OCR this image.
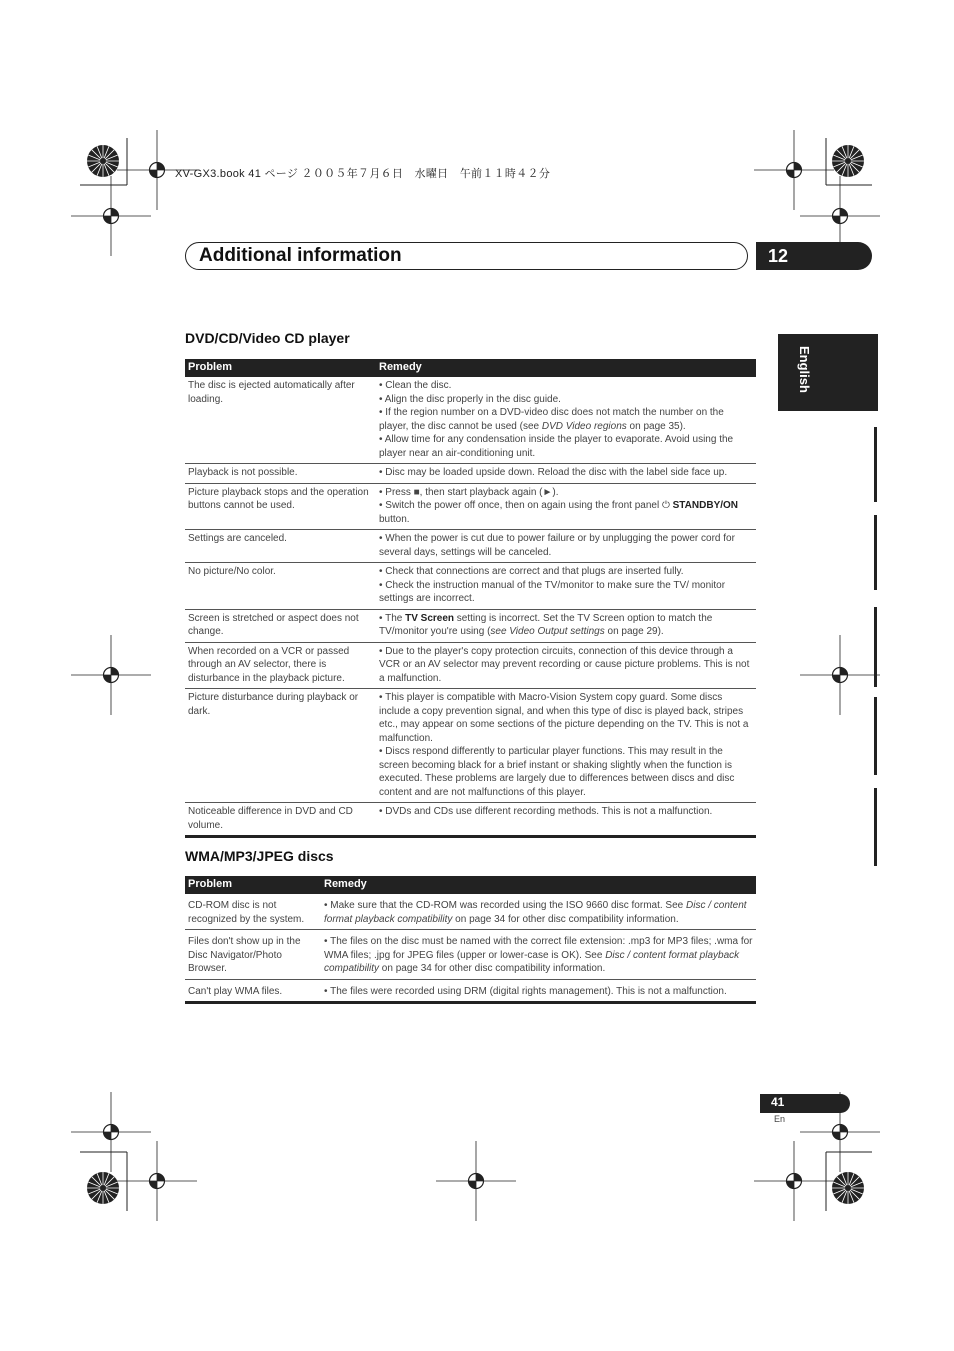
XV-GX3.book 41 ページ ２００５年７月６日　水曜日　午前１１時４２分
Additional information	12
English
DVD/CD/Video CD player
Problem	Remedy
The disc is ejected automatically after loading.	• Clean the disc.
• Align the disc properly in the disc guide.
• If the region number on a DVD-video disc does not match the number on the player, the disc cannot be used (see DVD Video regions on page 35).
• Allow time for any condensation inside the player to evaporate. Avoid using the player near an air-conditioning unit.

Playback is not possible.	• Disc may be loaded upside down. Reload the disc with the label side face up.

Picture playback stops and the operation buttons cannot be used.	• Press ■, then start playback again (►).
• Switch the power off once, then on again using the front panel ⏻ STANDBY/ON button.

Settings are canceled.	• When the power is cut due to power failure or by unplugging the power cord for several days, settings will be canceled.

No picture/No color.	• Check that connections are correct and that plugs are inserted fully.
• Check the instruction manual of the TV/monitor to make sure the TV/ monitor settings are incorrect.

Screen is stretched or aspect does not change.	• The TV Screen setting is incorrect. Set the TV Screen option to match the TV/monitor you're using (see Video Output settings on page 29).

When recorded on a VCR or passed through an AV selector, there is disturbance in the playback picture.	• Due to the player's copy protection circuits, connection of this device through a VCR or an AV selector may prevent recording or cause picture problems. This is not a malfunction.

Picture disturbance during playback or dark.	• This player is compatible with Macro-Vision System copy guard. Some discs include a copy prevention signal, and when this type of disc is played back, stripes etc., may appear on some sections of the picture depending on the TV. This is not a malfunction.
• Discs respond differently to particular player functions. This may result in the screen becoming black for a brief instant or shaking slightly when the function is executed. These problems are largely due to differences between discs and disc content and are not malfunctions of this player.

Noticeable difference in DVD and CD volume.	• DVDs and CDs use different recording methods. This is not a malfunction.
WMA/MP3/JPEG discs
Problem	Remedy
CD-ROM disc is not recognized by the system.	• Make sure that the CD-ROM was recorded using the ISO 9660 disc format. See Disc / content format playback compatibility on page 34 for other disc compatibility information.

Files don't show up in the Disc Navigator/Photo Browser.	• The files on the disc must be named with the correct file extension: .mp3 for MP3 files; .wma for WMA files; .jpg for JPEG files (upper or lower-case is OK). See Disc / content format playback compatibility on page 34 for other disc compatibility information.

Can't play WMA files.	• The files were recorded using DRM (digital rights management). This is not a malfunction.
41
En
